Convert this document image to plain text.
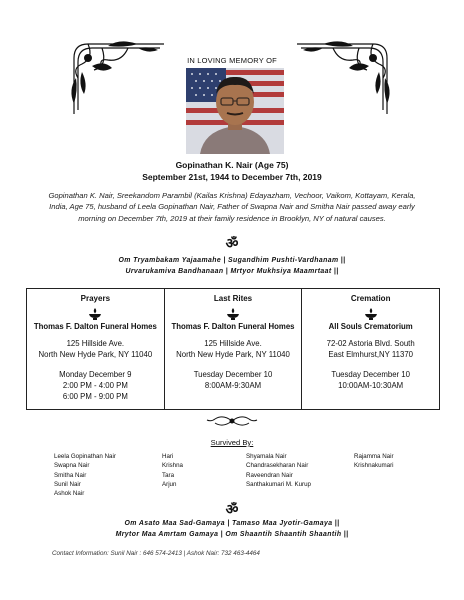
IN LOVING MEMORY OF
Gopinathan K. Nair (Age 75)
September 21st, 1944 to December 7th, 2019
Gopinathan K. Nair, Sreekandom Parambil (Kailas Krishna) Edayazham, Vechoor, Vaikom, Kottayam, Kerala, India, Age 75, husband of Leela Gopinathan Nair, Father of Swapna Nair and Smitha Nair passed away early morning on December 7th, 2019 at their family residence in Brooklyn, NY of natural causes.
ॐ
Om Tryambakam Yajaamahe | Sugandhim Pushti-Vardhanam ||
Urvarukamiva Bandhanaan | Mrtyor Mukhsiya Maamrtaat ||
Prayers
Thomas F. Dalton Funeral Homes
125 Hillside Ave.
North New Hyde Park, NY 11040
Monday December 9
2:00 PM - 4:00 PM
6:00 PM - 9:00 PM
Last Rites
Thomas F. Dalton Funeral Homes
125 Hillside Ave.
North New Hyde Park, NY 11040
Tuesday December 10
8:00AM-9:30AM
Cremation
All Souls Crematorium
72-02 Astoria Blvd. South
East Elmhurst,NY 11370
Tuesday December 10
10:00AM-10:30AM
Survived By:
Leela Gopinathan Nair
Swapna Nair
Smitha Nair
Sunil Nair
Ashok Nair
Hari
Krishna
Tara
Arjun
Shyamala Nair
Chandrasekharan Nair
Raveendran Nair
Santhakumari M. Kurup
Rajamma Nair
Krishnakumari
ॐ
Om Asato Maa Sad-Gamaya | Tamaso Maa Jyotir-Gamaya ||
Mrytor Maa Amrtam Gamaya | Om Shaantih Shaantih Shaantih ||
Contact Information: Sunil Nair : 646 574-2413 | Ashok Nair: 732 463-4464
